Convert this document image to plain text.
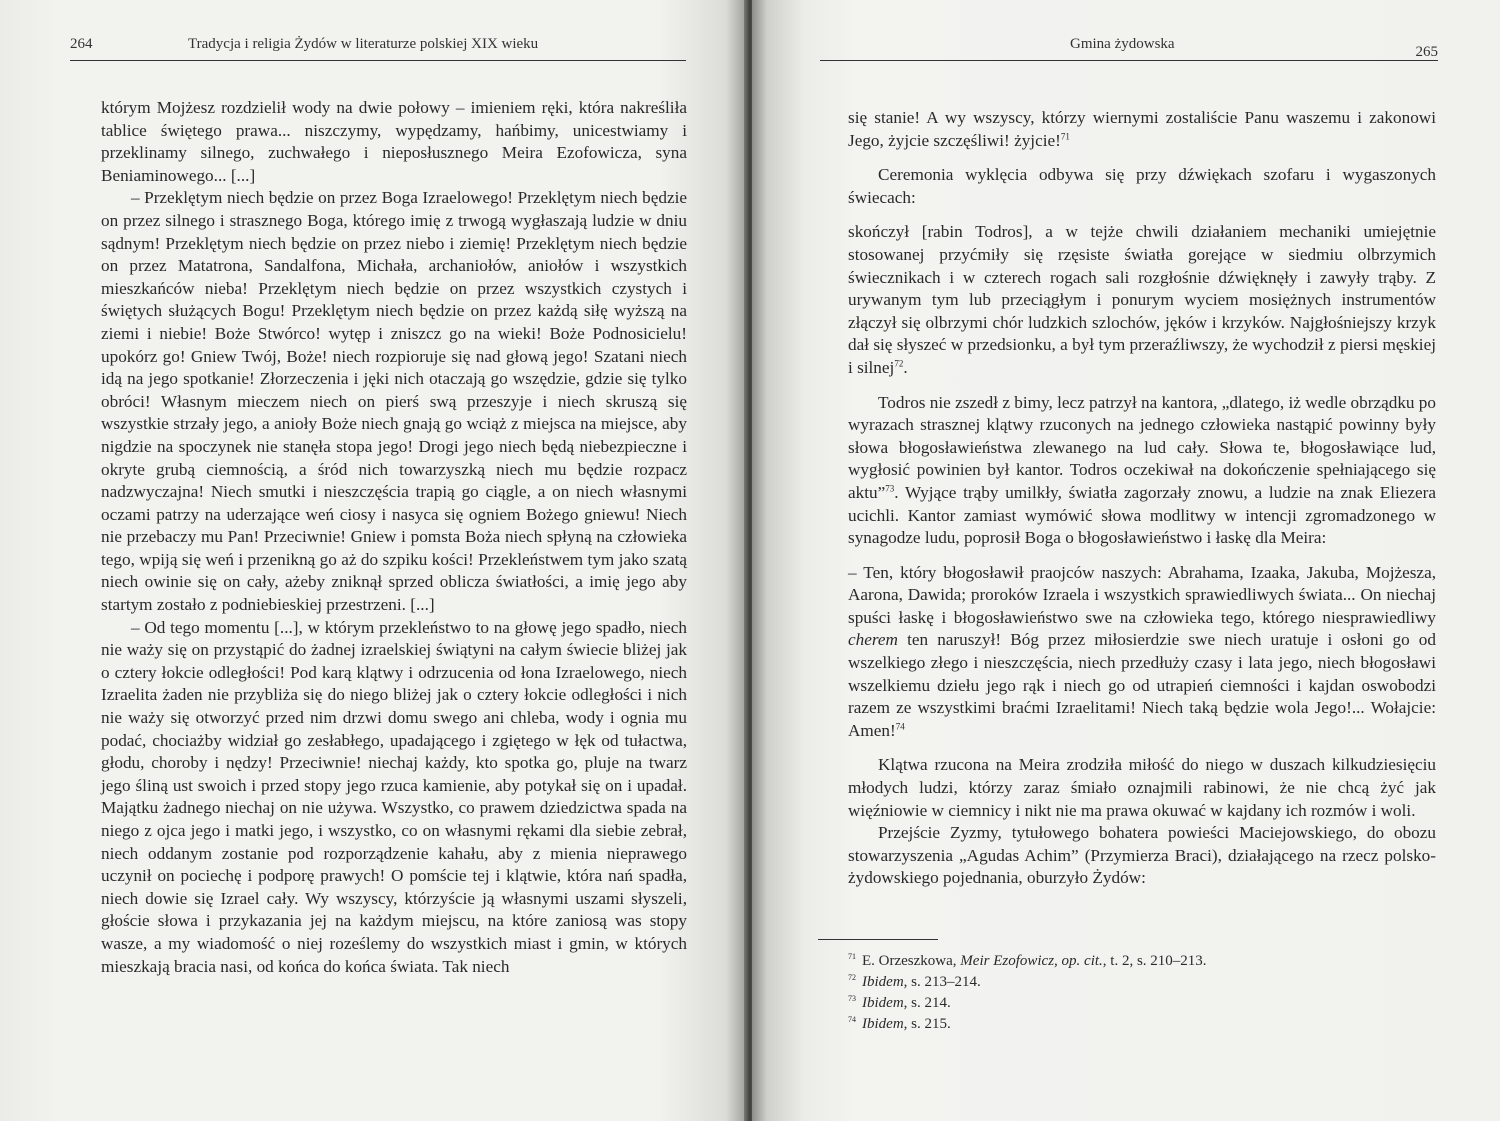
264	Tradycja i religia Żydów w literaturze polskiej XIX wieku

którym Mojżesz rozdzielił wody na dwie połowy – imieniem ręki, która nakreśliła tablice świętego prawa... niszczymy, wypędzamy, hańbimy, unicestwiamy i przeklinamy silnego, zuchwałego i nieposłusznego Meira Ezofowicza, syna Beniaminowego... [...]

– Przeklętym niech będzie on przez Boga Izraelowego! Przeklętym niech będzie on przez silnego i strasznego Boga, którego imię z trwogą wygłaszają ludzie w dniu sądnym! Przeklętym niech będzie on przez niebo i ziemię! Przeklętym niech będzie on przez Matatrona, Sandalfona, Michała, archaniołów, aniołów i wszystkich mieszkańców nieba! Przeklętym niech będzie on przez wszystkich czystych i świętych służących Bogu! Przeklętym niech będzie on przez każdą siłę wyższą na ziemi i niebie! Boże Stwórco! wytęp i zniszcz go na wieki! Boże Podnosicielu! upokórz go! Gniew Twój, Boże! niech rozpioruje się nad głową jego! Szatani niech idą na jego spotkanie! Złorzeczenia i jęki nich otaczają go wszędzie, gdzie się tylko obróci! Własnym mieczem niech on pierś swą przeszyje i niech skruszą się wszystkie strzały jego, a anioły Boże niech gnają go wciąż z miejsca na miejsce, aby nigdzie na spoczynek nie stanęła stopa jego! Drogi jego niech będą niebezpieczne i okryte grubą ciemnością, a śród nich towarzyszką niech mu będzie rozpacz nadzwyczajna! Niech smutki i nieszczęścia trapią go ciągle, a on niech własnymi oczami patrzy na uderzające weń ciosy i nasyca się ogniem Bożego gniewu! Niech nie przebaczy mu Pan! Przeciwnie! Gniew i pomsta Boża niech spłyną na człowieka tego, wpiją się weń i przenikną go aż do szpiku kości! Przekleństwem tym jako szatą niech owinie się on cały, ażeby zniknął sprzed oblicza światłości, a imię jego aby startym zostało z podniebieskiej przestrzeni. [...]

– Od tego momentu [...], w którym przekleństwo to na głowę jego spadło, niech nie waży się on przystąpić do żadnej izraelskiej świątyni na całym świecie bliżej jak o cztery łokcie odległości! Pod karą klątwy i odrzucenia od łona Izraelowego, niech Izraelita żaden nie przybliża się do niego bliżej jak o cztery łokcie odległości i nich nie waży się otworzyć przed nim drzwi domu swego ani chleba, wody i ognia mu podać, chociażby widział go zesłabłego, upadającego i zgiętego w łęk od tułactwa, głodu, choroby i nędzy! Przeciwnie! niechaj każdy, kto spotka go, pluje na twarz jego śliną ust swoich i przed stopy jego rzuca kamienie, aby potykał się on i upadał. Majątku żadnego niechaj on nie używa. Wszystko, co prawem dziedzictwa spada na niego z ojca jego i matki jego, i wszystko, co on własnymi rękami dla siebie zebrał, niech oddanym zostanie pod rozporządzenie kahału, aby z mienia nieprawego uczynił on pociechę i podporę prawych! O pomście tej i klątwie, która nań spadła, niech dowie się Izrael cały. Wy wszyscy, którzyście ją własnymi uszami słyszeli, głoście słowa i przykazania jej na każdym miejscu, na które zaniosą was stopy wasze, a my wiadomość o niej roześlemy do wszystkich miast i gmin, w których mieszkają bracia nasi, od końca do końca świata. Tak niech

Gmina żydowska	265

się stanie! A wy wszyscy, którzy wiernymi zostaliście Panu waszemu i zakonowi Jego, żyjcie szczęśliwi! żyjcie!$^{71}$

Ceremonia wyklęcia odbywa się przy dźwiękach szofaru i wygaszonych świecach:

skończył [rabin Todros], a w tejże chwili działaniem mechaniki umiejętnie stosowanej przyćmiły się rzęsiste światła gorejące w siedmiu olbrzymich świecznikach i w czterech rogach sali rozgłośnie dźwięknęły i zawyły trąby. Z urywanym tym lub przeciągłym i ponurym wyciem mosiężnych instrumentów złączył się olbrzymi chór ludzkich szlochów, jęków i krzyków. Najgłośniejszy krzyk dał się słyszeć w przedsionku, a był tym przeraźliwszy, że wychodził z piersi męskiej i silnej$^{72}$.

Todros nie zszedł z bimy, lecz patrzył na kantora, „dlatego, iż wedle obrządku po wyrazach strasznej klątwy rzuconych na jednego człowieka nastąpić powinny były słowa błogosławieństwa zlewanego na lud cały. Słowa te, błogosławiące lud, wygłosić powinien był kantor. Todros oczekiwał na dokończenie spełniającego się aktu”$^{73}$. Wyjące trąby umilkły, światła zagorzały znowu, a ludzie na znak Eliezera ucichli. Kantor zamiast wymówić słowa modlitwy w intencji zgromadzonego w synagodze ludu, poprosił Boga o błogosławieństwo i łaskę dla Meira:

– Ten, który błogosławił praojców naszych: Abrahama, Izaaka, Jakuba, Mojżesza, Aarona, Dawida; proroków Izraela i wszystkich sprawiedliwych świata... On niechaj spuści łaskę i błogosławieństwo swe na człowieka tego, którego niesprawiedliwy cherem ten naruszył! Bóg przez miłosierdzie swe niech uratuje i osłoni go od wszelkiego złego i nieszczęścia, niech przedłuży czasy i lata jego, niech błogosławi wszelkiemu dziełu jego rąk i niech go od utrapień ciemności i kajdan oswobodzi razem ze wszystkimi braćmi Izraelitami! Niech taką będzie wola Jego!... Wołajcie: Amen!$^{74}$

Klątwa rzucona na Meira zrodziła miłość do niego w duszach kilkudziesięciu młodych ludzi, którzy zaraz śmiało oznajmili rabinowi, że nie chcą żyć jak więźniowie w ciemnicy i nikt nie ma prawa okuwać w kajdany ich rozmów i woli.

Przejście Zyzmy, tytułowego bohatera powieści Maciejowskiego, do obozu stowarzyszenia „Agudas Achim” (Przymierza Braci), działającego na rzecz polsko-żydowskiego pojednania, oburzyło Żydów:

$^{71}$ E. Orzeszkowa, Meir Ezofowicz, op. cit., t. 2, s. 210–213.

$^{72}$ Ibidem, s. 213–214.

$^{73}$ Ibidem, s. 214.

$^{74}$ Ibidem, s. 215.
